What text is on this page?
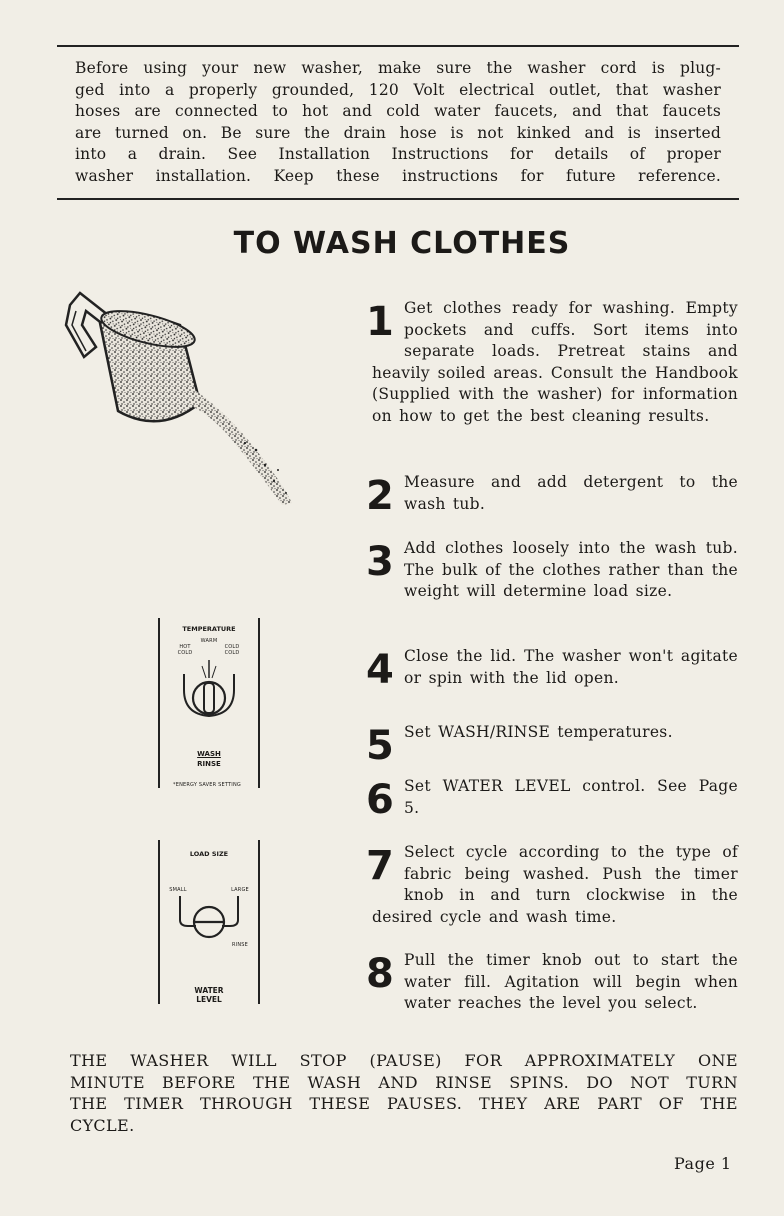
Before using your new washer, make sure the washer cord is plug-
ged into a properly grounded, 120 Volt electrical outlet, that washer
hoses are connected to hot and cold water faucets, and that faucets
are turned on. Be sure the drain hose is not kinked and is inserted
into a drain. See Installation Instructions for details of proper
washer installation. Keep these instructions for future reference.
TO WASH CLOTHES
1 Get clothes ready for washing. Empty pockets and cuffs. Sort items into separate loads. Pretreat stains and heavily soiled areas. Consult the Handbook (Supplied with the washer) for information on how to get the best cleaning results.
2 Measure and add detergent to the wash tub.
3 Add clothes loosely into the wash tub. The bulk of the clothes rather than the weight will determine load size.
4 Close the lid. The washer won't agitate or spin with the lid open.
5 Set WASH/RINSE temperatures.
6 Set WATER LEVEL control. See Page 5.
7 Select cycle according to the type of fabric being washed. Push the timer knob in and turn clockwise in the desired cycle and wash time.
8 Pull the timer knob out to start the water fill. Agitation will begin when water reaches the level you select.
TEMPERATURE
WARM
HOT COLD
COLD COLD
WASH
RINSE
*ENERGY SAVER SETTING
LOAD SIZE
SMALL	LARGE
RINSE
WATER
LEVEL
THE WASHER WILL STOP (PAUSE) FOR APPROXIMATELY ONE
MINUTE BEFORE THE WASH AND RINSE SPINS. DO NOT TURN
THE TIMER THROUGH THESE PAUSES. THEY ARE PART OF THE
CYCLE.
Page 1
